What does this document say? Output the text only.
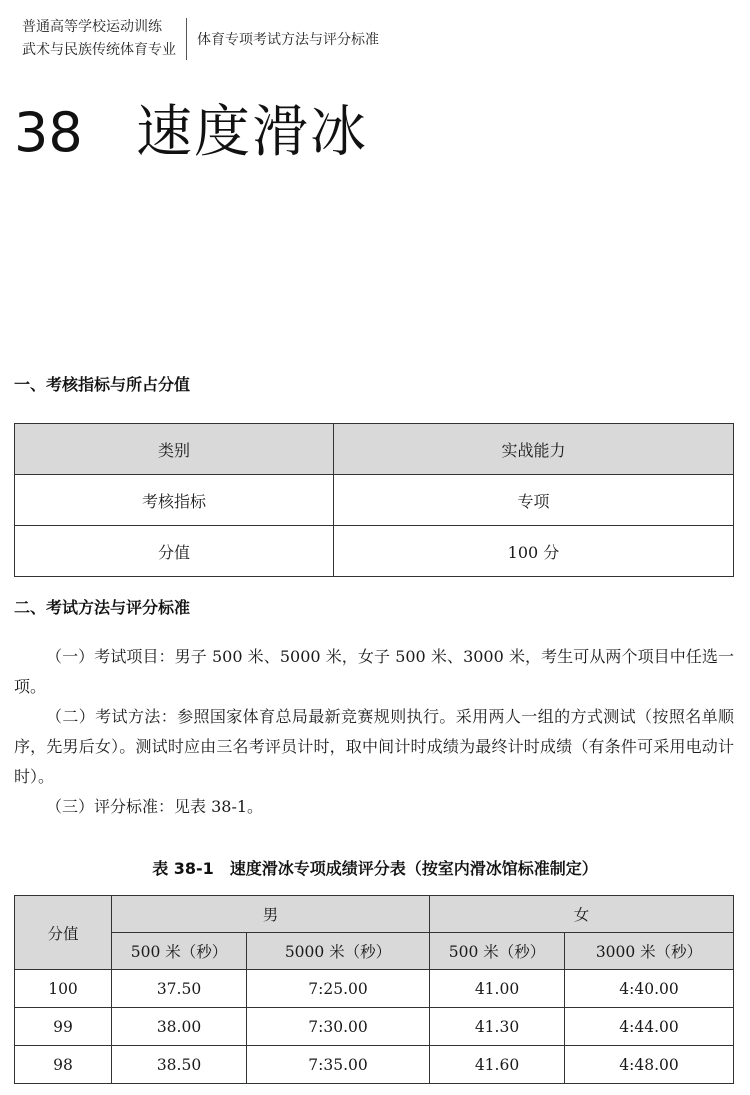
普通高等学校运动训练
武术与民族传统体育专业
体育专项考试方法与评分标准
38 速度滑冰
一、考核指标与所占分值
类别	实战能力
考核指标	专项
分值	100 分
二、考试方法与评分标准

（一）考试项目：男子 500 米、5000 米，女子 500 米、3000 米，考生可从两个项目中任选一项。

（二）考试方法：参照国家体育总局最新竞赛规则执行。采用两人一组的方式测试（按照名单顺序，先男后女）。测试时应由三名考评员计时，取中间计时成绩为最终计时成绩（有条件可采用电动计时）。

（三）评分标准：见表 38-1。

表 38-1　速度滑冰专项成绩评分表（按室内滑冰馆标准制定）
分值	男		女	
	500 米（秒）	5000 米（秒）	500 米（秒）	3000 米（秒）
100	37.50	7:25.00	41.00	4:40.00
99	38.00	7:30.00	41.30	4:44.00
98	38.50	7:35.00	41.60	4:48.00
